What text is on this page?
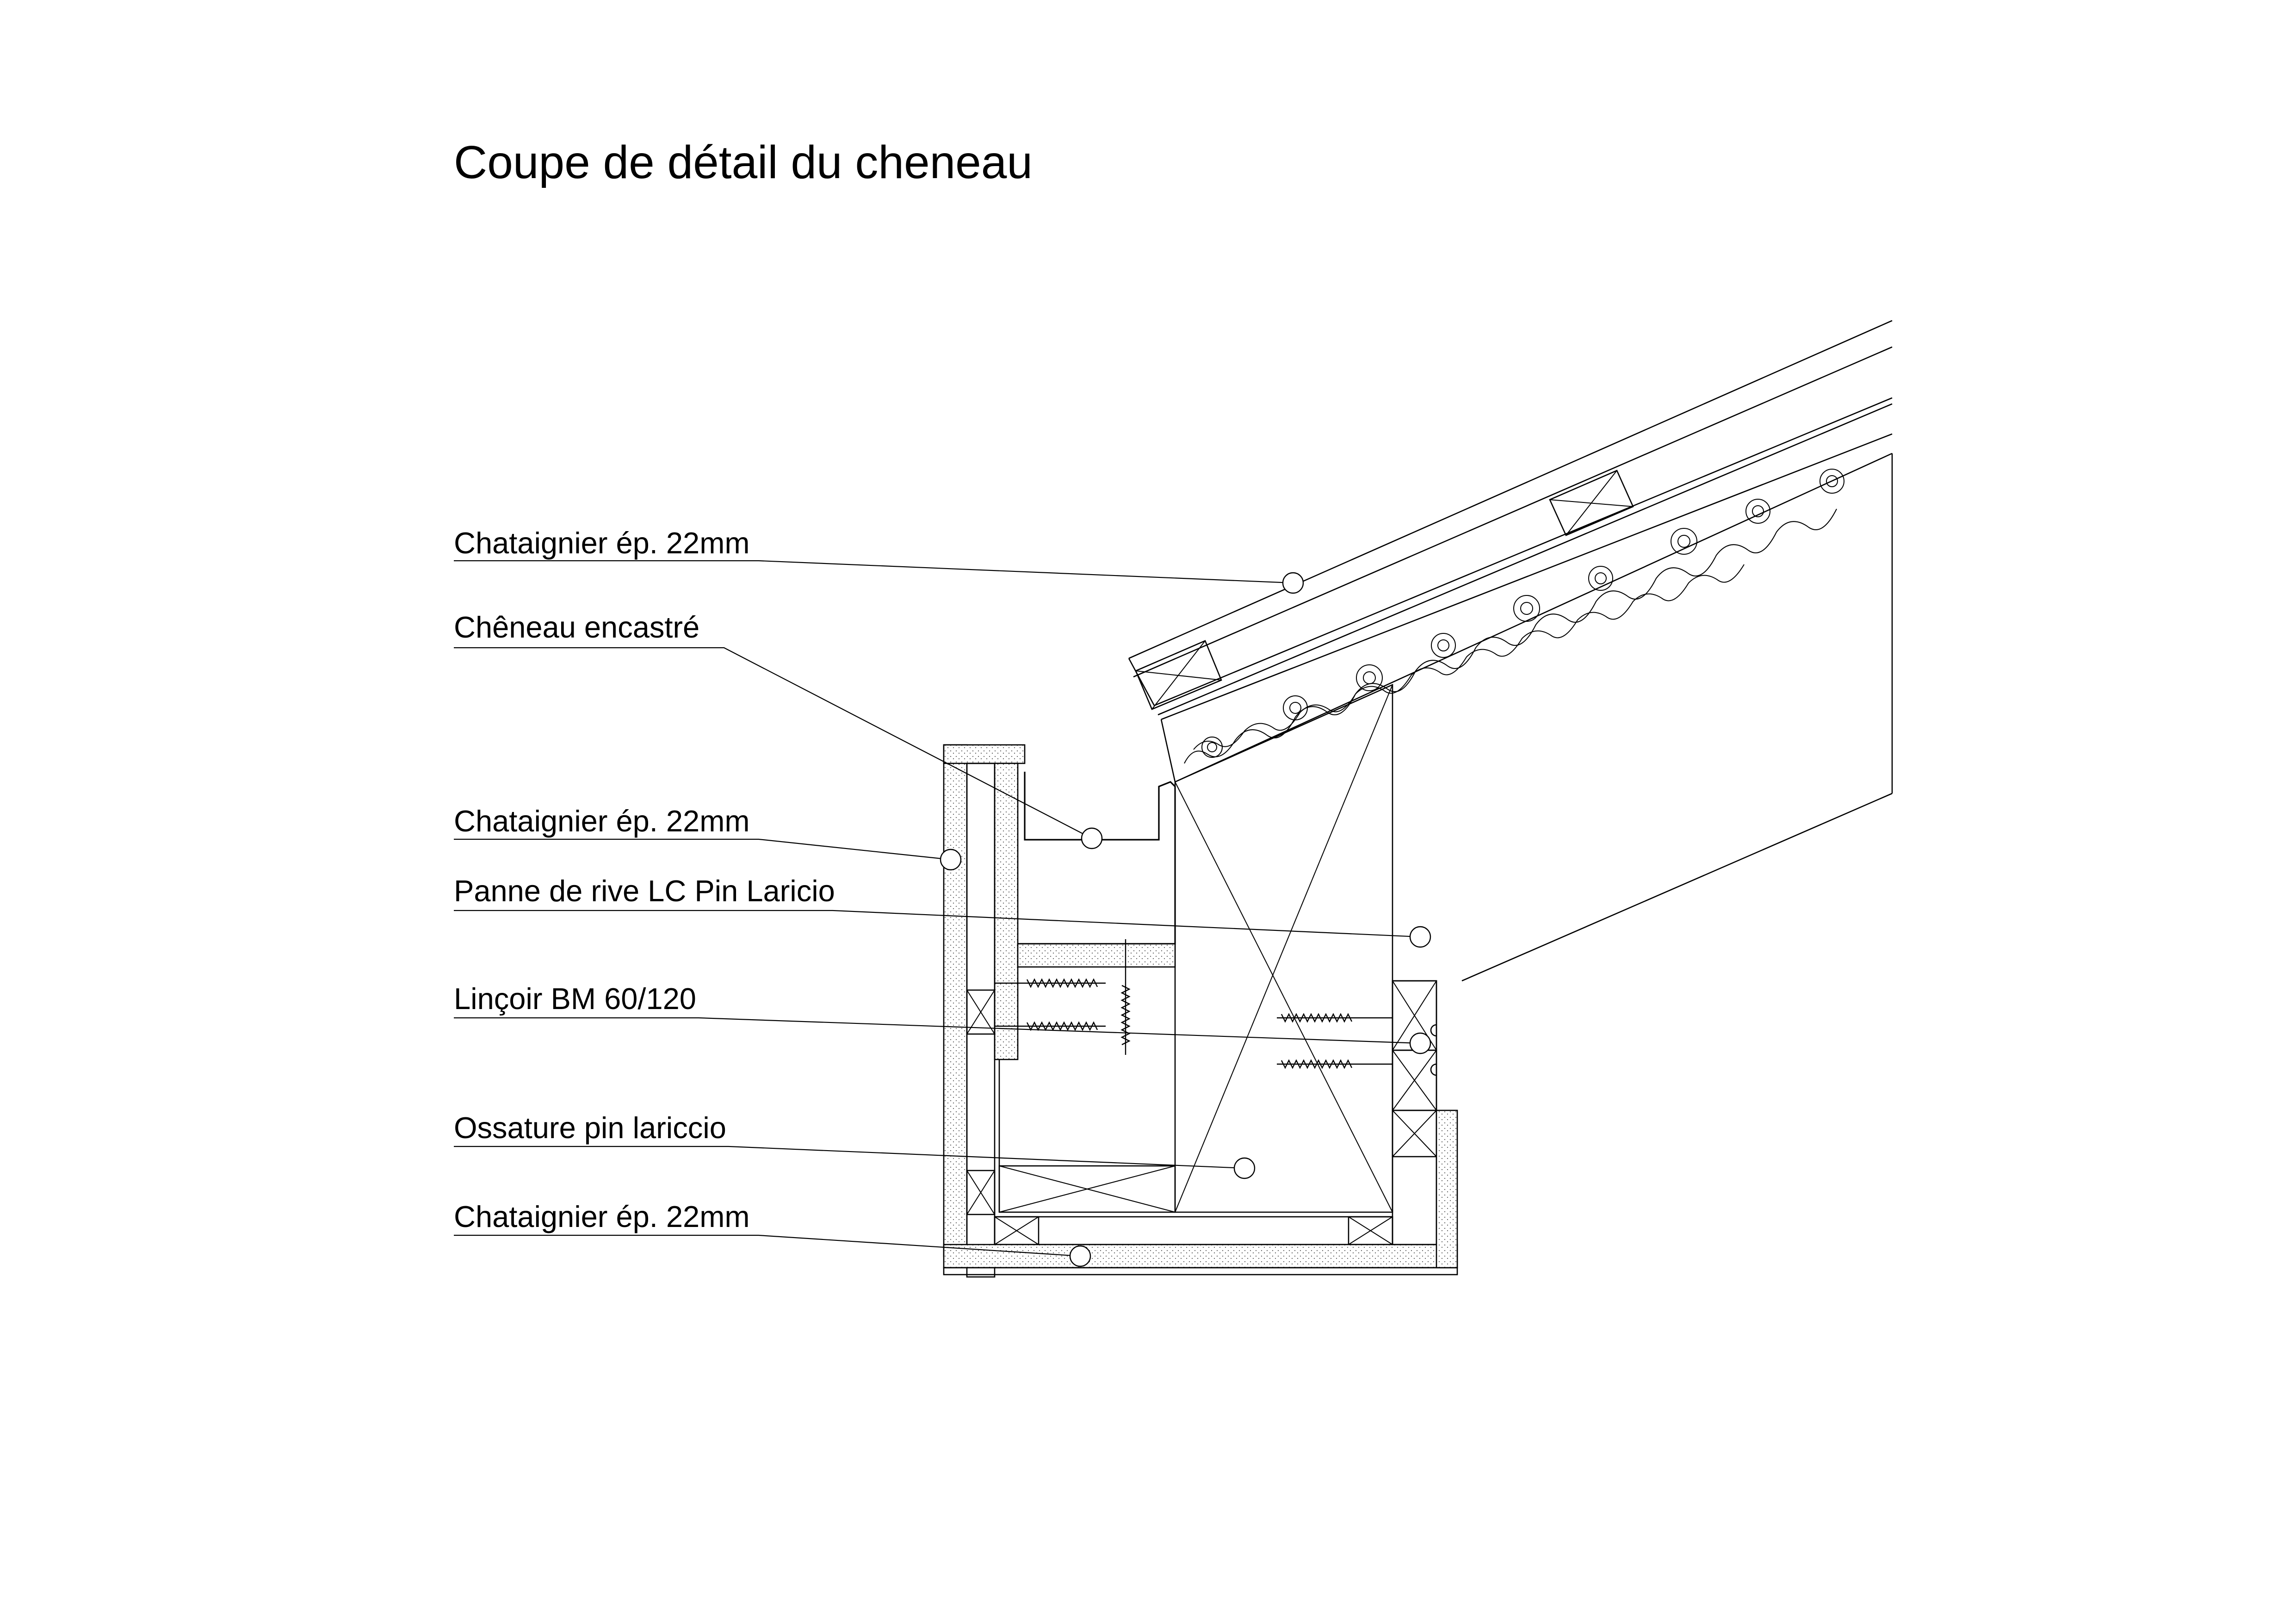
Coupe de détail du cheneau
Chataignier ép. 22mm
Chêneau encastré
Chataignier ép. 22mm
Panne de rive LC Pin Laricio
Linçoir BM 60/120
Ossature pin lariccio
Chataignier ép. 22mm
